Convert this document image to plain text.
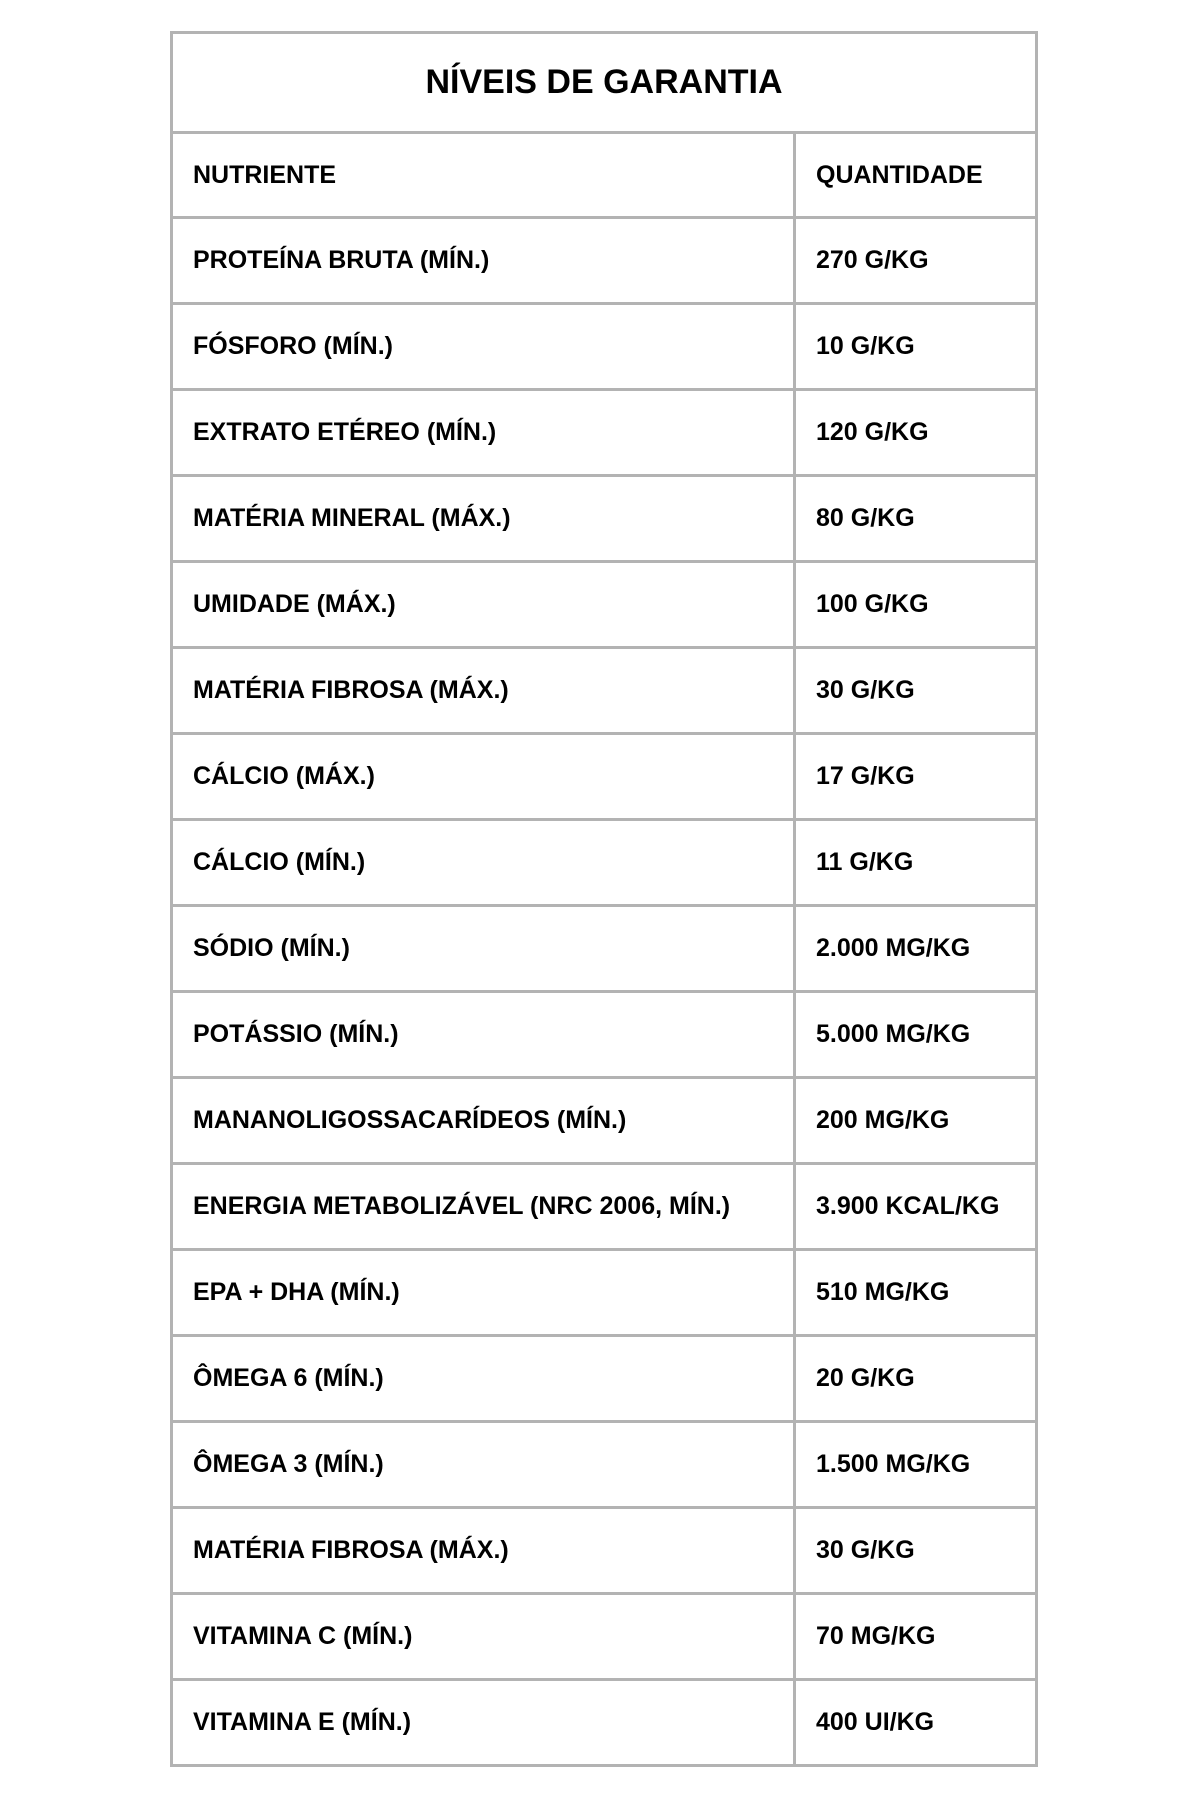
NÍVEIS DE GARANTIA	
NUTRIENTE	QUANTIDADE
PROTEÍNA BRUTA (MÍN.)	270 G/KG
FÓSFORO (MÍN.)	10 G/KG
EXTRATO ETÉREO (MÍN.)	120 G/KG
MATÉRIA MINERAL (MÁX.)	80 G/KG
UMIDADE (MÁX.)	100 G/KG
MATÉRIA FIBROSA (MÁX.)	30 G/KG
CÁLCIO (MÁX.)	17 G/KG
CÁLCIO (MÍN.)	11 G/KG
SÓDIO (MÍN.)	2.000 MG/KG
POTÁSSIO (MÍN.)	5.000 MG/KG
MANANOLIGOSSACARÍDEOS (MÍN.)	200 MG/KG
ENERGIA METABOLIZÁVEL (NRC 2006, MÍN.)	3.900 KCAL/KG
EPA + DHA (MÍN.)	510 MG/KG
ÔMEGA 6 (MÍN.)	20 G/KG
ÔMEGA 3 (MÍN.)	1.500 MG/KG
MATÉRIA FIBROSA (MÁX.)	30 G/KG
VITAMINA C (MÍN.)	70 MG/KG
VITAMINA E (MÍN.)	400 UI/KG
